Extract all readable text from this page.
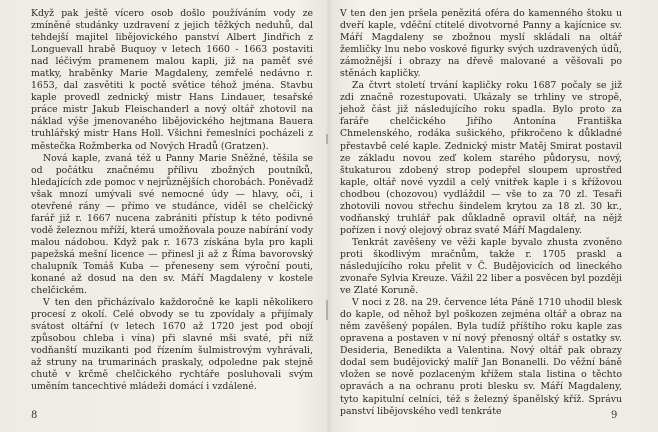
Když pak ještě vícero osob došlo používáním vody ze zmíněné studánky uzdravení z jejich těžkých neduhů, dal tehdejší majitel libějovického panství Albert Jindřich z Longuevall hrabě Buquoy v letech 1660 - 1663 postaviti nad léčivým pramenem malou kapli, již na paměť své matky, hraběnky Marie Magdaleny, zemřelé nedávno r. 1653, dal zasvětiti k poctě světice téhož jména. Stavbu kaple provedl zednický mistr Hans Lindauer, tesařské práce mistr Jakub Fleischanderl a nový oltář zhotovil na náklad výše jmenovaného libějovického hejtmana Bauera truhlářský mistr Hans Holl. Všichni řemeslníci pocházeli z městečka Rožmberka od Nových Hradů (Gratzen).

Nová kaple, zvaná též u Panny Marie Sněžné, těšila se od počátku značnému přílivu zbožných poutníků, hledajících zde pomoc v nejrůznějších chorobách. Poněvadž však mnozí umývali své nemocné údy — hlavy, oči, i otevřené rány — přímo ve studánce, viděl se chelčický farář již r. 1667 nucena zabrániti přístup k této podivné vodě železnou mříží, která umožňovala pouze nabírání vody malou nádobou. Když pak r. 1673 získána byla pro kapli papežská mešní licence — přinesl ji až z Říma bavorovský chalupník Tomáš Kuba — přeneseny sem výroční pouti, konané až dosud na den sv. Máří Magdaleny v kostele chelčickém.

V ten den přicházívalo každoročně ke kapli několikero procesí z okolí. Celé obvody se tu zpovídaly a přijímaly svátost oltářní (v letech 1670 až 1720 jest pod obojí způsobou chleba i vína) při slavné mši svaté, při níž vodňanští muzikanti pod řízením šulmistrovým vyhrávali, až struny na trumarinách praskaly, odpoledne pak stejně chutě v krčmě chelčického rychtáře posluhovali svým uměním tancechtivé mládeži domácí i vzdálené.

8

V ten den jen pršela penězitá oféra do kamenného štoku u dveří kaple, vděční ctitelé divotvorné Panny a kajícnice sv. Máří Magdaleny se zbožnou myslí skládali na oltář žemličky lnu nebo voskové figurky svých uzdravených údů, zámožnější i obrazy na dřevě malované a věšovali po stěnách kapličky.

Za čtvrt století trvání kapličky roku 1687 počaly se již zdi značně rozestupovati. Ukázaly se trhliny ve stropě, jehož část již následujícího roku spadla. Bylo proto za faráře chelčického Jiřího Antonína Františka Chmelenského, rodáka sušického, přikročeno k důkladné přestavbě celé kaple. Zednický mistr Matěj Smirat postavil ze základu novou zeď kolem starého půdorysu, nový, štukaturou zdobený strop podepřel sloupem uprostřed kaple, oltář nové vyzdil a celý vnitřek kaple i s křížovou chodbou (chozovou) vydláždil — vše to za 70 zl. Tesaři zhotovili novou střechu šindelem krytou za 18 zl. 30 kr., vodňanský truhlář pak důkladně opravil oltář, na nějž pořízen i nový olejový obraz svaté Máří Magdaleny.

Tenkrát zavěšeny ve věži kaple byvalo zhusta zvoněno proti škodlivým mračnům, takže r. 1705 praskl a následujícího roku přelit v Č. Budějovicích od lineckého zvonaře Sylvia Kreuze. Vážil 22 liber a posvěcen byl později ve Zlaté Koruně.

V noci z 28. na 29. července léta Páně 1710 uhodil blesk do kaple, od něhož byl poškozen zejména oltář a obraz na něm zavěšený popálen. Byla tudíž příštího roku kaple zas opravena a postaven v ní nový přenosný oltář s ostatky sv. Desideria, Benedikta a Valentina. Nový oltář pak obrazy dodal sem budějovický malíř Jan Bonanelli. Do věžní báně vložen se nově pozlaceným křížem stala listina o těchto opravách a na ochranu proti blesku sv. Máří Magdaleny, tyto kapitulní celníci, též s železný španělský kříž. Správu panství libějovského vedl tenkráte	9
